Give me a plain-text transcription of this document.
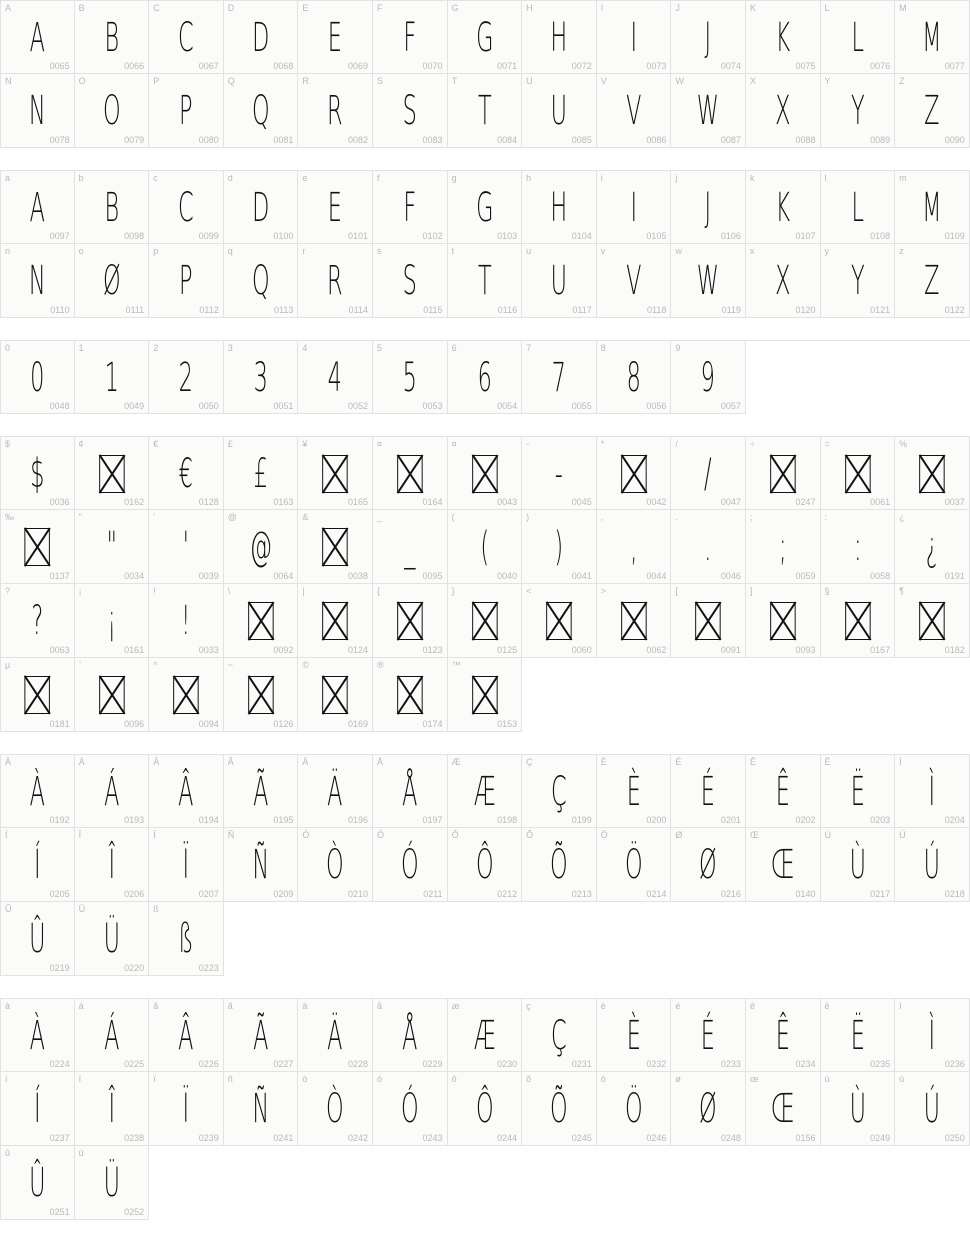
A
A
0065
B
B
0066
C
C
0067
D
D
0068
E
E
0069
F
F
0070
G
G
0071
H
H
0072
I
I
0073
J
J
0074
K
K
0075
L
L
0076
M
M
0077
N
N
0078
O
O
0079
P
P
0080
Q
Q
0081
R
R
0082
S
S
0083
T
T
0084
U
U
0085
V
V
0086
W
W
0087
X
X
0088
Y
Y
0089
Z
Z
0090
a
A
0097
b
B
0098
c
C
0099
d
D
0100
e
E
0101
f
F
0102
g
G
0103
h
H
0104
i
I
0105
j
J
0106
k
K
0107
l
L
0108
m
M
0109
n
N
0110
o
Ø
0111
p
P
0112
q
Q
0113
r
R
0114
s
S
0115
t
T
0116
u
U
0117
v
V
0118
w
W
0119
x
X
0120
y
Y
0121
z
Z
0122
0
0
0048
1
1
0049
2
2
0050
3
3
0051
4
4
0052
5
5
0053
6
6
0054
7
7
0055
8
8
0056
9
9
0057
$
$
0036
¢
0162
€
€
0128
£
£
0163
¥
0165
¤
0164
¤
0043
-
-
0045
*
0042
/
/
0047
÷
0247
=
0061
%
0037
‰
0137
"
"
0034
'
'
0039
@
@
0064
&
0038
_
_
0095
(
(
0040
)
)
0041
,
,
0044
.
.
0046
;
;
0059
:
:
0058
¿
¿
0191
?
?
0063
¡
¡
0161
!
!
0033
\
0092
|
0124
{
0123
}
0125
<
0060
>
0062
[
0091
]
0093
§
0167
¶
0182
µ
0181
`
0096
^
0094
~
0126
©
0169
®
0174
™
0153
À
À
0192
Á
Á
0193
Â
Â
0194
Ã
Ã
0195
Ä
Ä
0196
Å
Å
0197
Æ
Æ
0198
Ç
Ç
0199
È
È
0200
É
É
0201
Ê
Ê
0202
Ë
Ë
0203
Ì
Ì
0204
Í
Í
0205
Î
Î
0206
Ï
Ï
0207
Ñ
Ñ
0209
Ò
Ò
0210
Ó
Ó
0211
Ô
Ô
0212
Õ
Õ
0213
Ö
Ö
0214
Ø
Ø
0216
Œ
Œ
0140
Ù
Ù
0217
Ú
Ú
0218
Û
Û
0219
Ü
Ü
0220
ß
ß
0223
à
À
0224
á
Á
0225
â
Â
0226
ã
Ã
0227
ä
Ä
0228
å
Å
0229
æ
Æ
0230
ç
Ç
0231
è
È
0232
é
É
0233
ê
Ê
0234
ë
Ë
0235
ì
Ì
0236
í
Í
0237
î
Î
0238
ï
Ï
0239
ñ
Ñ
0241
ò
Ò
0242
ó
Ó
0243
ô
Ô
0244
õ
Õ
0245
ö
Ö
0246
ø
Ø
0248
œ
Œ
0156
ù
Ù
0249
ú
Ú
0250
û
Û
0251
ü
Ü
0252
